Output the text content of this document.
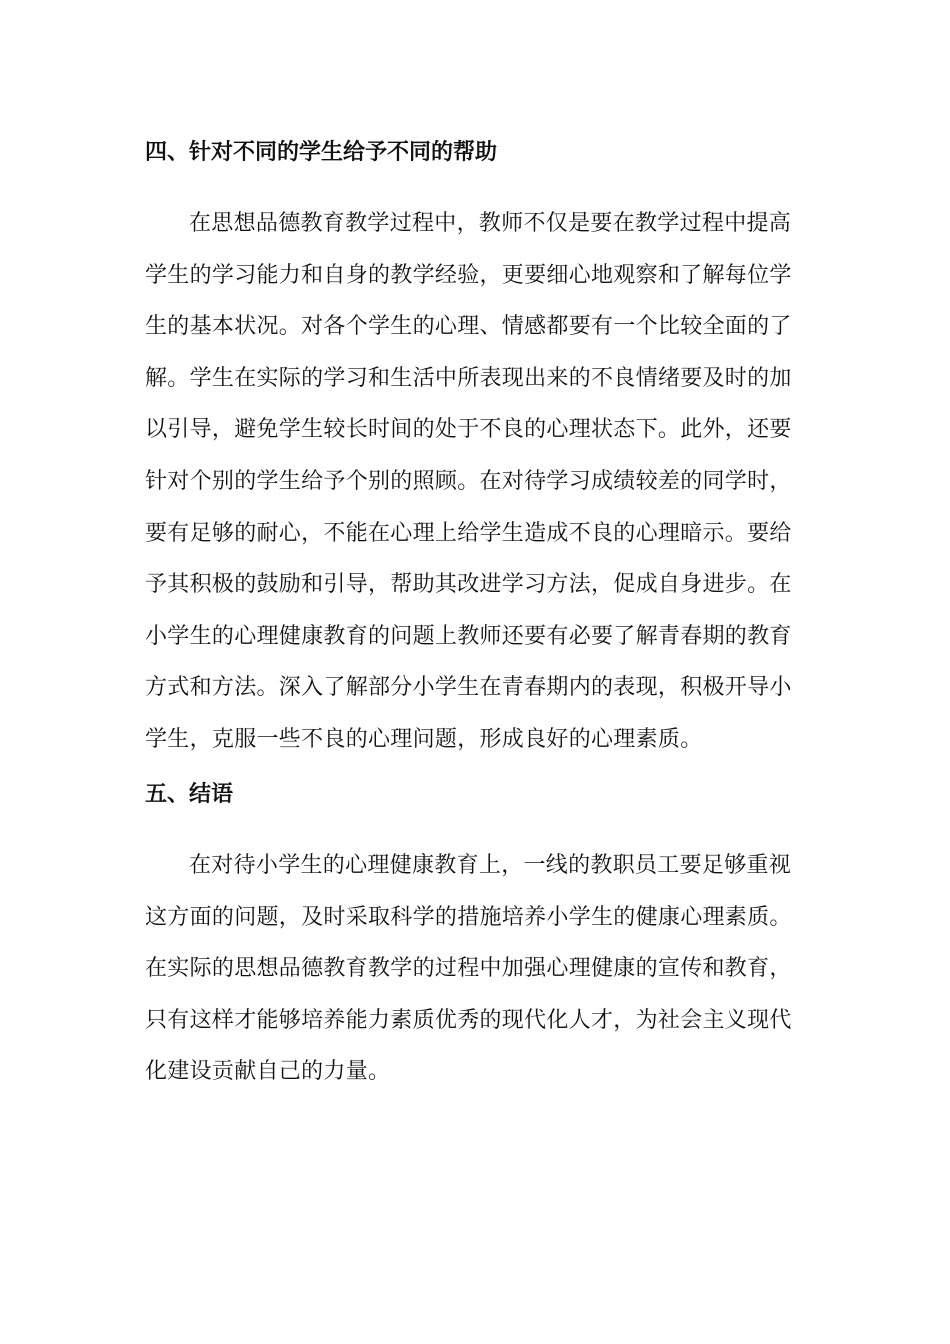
四、针对不同的学生给予不同的帮助
在思想品德教育教学过程中，教师不仅是要在教学过程中提高
学生的学习能力和自身的教学经验，更要细心地观察和了解每位学
生的基本状况。对各个学生的心理、情感都要有一个比较全面的了
解。学生在实际的学习和生活中所表现出来的不良情绪要及时的加
以引导，避免学生较长时间的处于不良的心理状态下。此外，还要
针对个别的学生给予个别的照顾。在对待学习成绩较差的同学时，
要有足够的耐心，不能在心理上给学生造成不良的心理暗示。要给
予其积极的鼓励和引导，帮助其改进学习方法，促成自身进步。在
小学生的心理健康教育的问题上教师还要有必要了解青春期的教育
方式和方法。深入了解部分小学生在青春期内的表现，积极开导小
学生，克服一些不良的心理问题，形成良好的心理素质。
五、结语
在对待小学生的心理健康教育上，一线的教职员工要足够重视
这方面的问题，及时采取科学的措施培养小学生的健康心理素质。
在实际的思想品德教育教学的过程中加强心理健康的宣传和教育，
只有这样才能够培养能力素质优秀的现代化人才，为社会主义现代
化建设贡献自己的力量。
